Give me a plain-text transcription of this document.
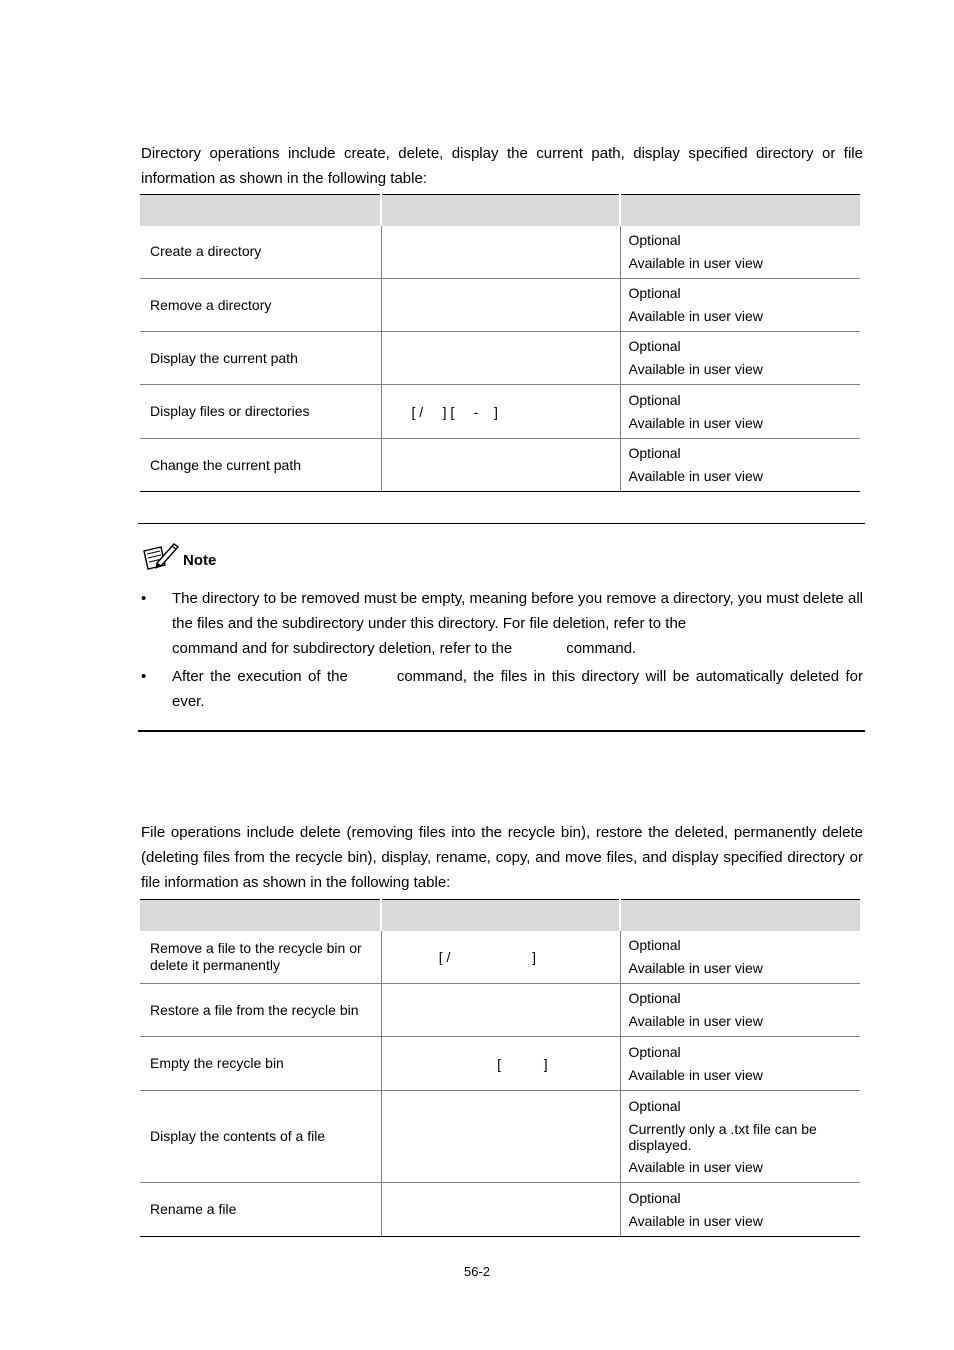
Directory operations include create, delete, display the current path, display specified directory or file information as shown in the following table:

Create a directory		Optional
Available in user view

Remove a directory		Optional
Available in user view

Display the current path		Optional
Available in user view

Display files or directories	[ /     ] [     -    ]	Optional
Available in user view

Change the current path		Optional
Available in user view
Note
• The directory to be removed must be empty, meaning before you remove a directory, you must delete all the files and the subdirectory under this directory. For file deletion, refer to the
command and for subdirectory deletion, refer to the	command.
• After the execution of the	command, the files in this directory will be automatically deleted for ever.

File operations include delete (removing files into the recycle bin), restore the deleted, permanently delete (deleting files from the recycle bin), display, rename, copy, and move files, and display specified directory or file information as shown in the following table:

Remove a file to the recycle bin or delete it permanently	[ /                     ]	Optional
Available in user view

Restore a file from the recycle bin		Optional
Available in user view

Empty the recycle bin	[           ]	Optional
Available in user view

Display the contents of a file		Optional
Currently only a .txt file can be displayed.
Available in user view

Rename a file		Optional
Available in user view
56-2
